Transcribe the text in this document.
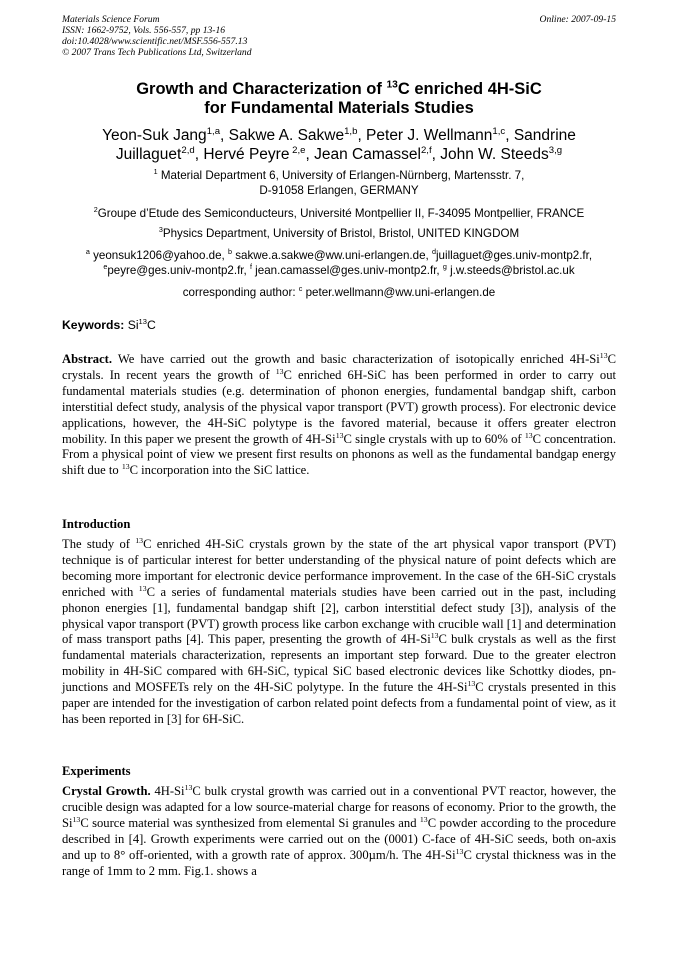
Materials Science Forum
ISSN: 1662-9752, Vols. 556-557, pp 13-16
doi:10.4028/www.scientific.net/MSF.556-557.13
© 2007 Trans Tech Publications Ltd, Switzerland
Online: 2007-09-15
Growth and Characterization of $^{13}$C enriched 4H-SiC
for Fundamental Materials Studies
Yeon-Suk Jang$^{1,a}$, Sakwe A. Sakwe$^{1,b}$, Peter J. Wellmann$^{1,c}$, Sandrine
Juillaguet$^{2,d}$, Hervé Peyre $^{2,e}$, Jean Camassel$^{2,f}$, John W. Steeds$^{3,g}$
$^1$ Material Department 6, University of Erlangen-Nürnberg, Martensstr. 7,
D-91058 Erlangen, GERMANY
$^2$Groupe d’Etude des Semiconducteurs, Université Montpellier II, F-34095 Montpellier, FRANCE
$^3$Physics Department, University of Bristol, Bristol, UNITED KINGDOM
$^a$ yeonsuk1206@yahoo.de, $^b$ sakwe.a.sakwe@ww.uni-erlangen.de, $^d$juillaguet@ges.univ-montp2.fr,
$^e$peyre@ges.univ-montp2.fr, $^f$ jean.camassel@ges.univ-montp2.fr, $^g$ j.w.steeds@bristol.ac.uk
corresponding author: $^c$ peter.wellmann@ww.uni-erlangen.de
Keywords: Si$^{13}$C
Abstract. We have carried out the growth and basic characterization of isotopically enriched 4H-Si$^{13}$C crystals. In recent years the growth of $^{13}$C enriched 6H-SiC has been performed in order to carry out fundamental materials studies (e.g. determination of phonon energies, fundamental bandgap shift, carbon interstitial defect study, analysis of the physical vapor transport (PVT) growth process). For electronic device applications, however, the 4H-SiC polytype is the favored material, because it offers greater electron mobility. In this paper we present the growth of 4H-Si$^{13}$C single crystals with up to 60% of $^{13}$C concentration. From a physical point of view we present first results on phonons as well as the fundamental bandgap energy shift due to $^{13}$C incorporation into the SiC lattice.
Introduction
The study of $^{13}$C enriched 4H-SiC crystals grown by the state of the art physical vapor transport (PVT) technique is of particular interest for better understanding of the physical nature of point defects which are becoming more important for electronic device performance improvement. In the case of the 6H-SiC crystals enriched with $^{13}$C a series of fundamental materials studies have been carried out in the past, including phonon energies [1], fundamental bandgap shift [2], carbon interstitial defect study [3]), analysis of the physical vapor transport (PVT) growth process like carbon exchange with crucible wall [1] and determination of mass transport paths [4]. This paper, presenting the growth of 4H-Si$^{13}$C bulk crystals as well as the first fundamental materials characterization, represents an important step forward. Due to the greater electron mobility in 4H-SiC compared with 6H-SiC, typical SiC based electronic devices like Schottky diodes, pn-junctions and MOSFETs rely on the 4H-SiC polytype. In the future the 4H-Si$^{13}$C crystals presented in this paper are intended for the investigation of carbon related point defects from a fundamental point of view, as it has been reported in [3] for 6H-SiC.
Experiments
Crystal Growth. 4H-Si$^{13}$C bulk crystal growth was carried out in a conventional PVT reactor, however, the crucible design was adapted for a low source-material charge for reasons of economy. Prior to the growth, the Si$^{13}$C source material was synthesized from elemental Si granules and $^{13}$C powder according to the procedure described in [4]. Growth experiments were carried out on the (0001) C-face of 4H-SiC seeds, both on-axis and up to 8° off-oriented, with a growth rate of approx. 300µm/h. The 4H-Si$^{13}$C crystal thickness was in the range of 1mm to 2 mm. Fig.1. shows a
